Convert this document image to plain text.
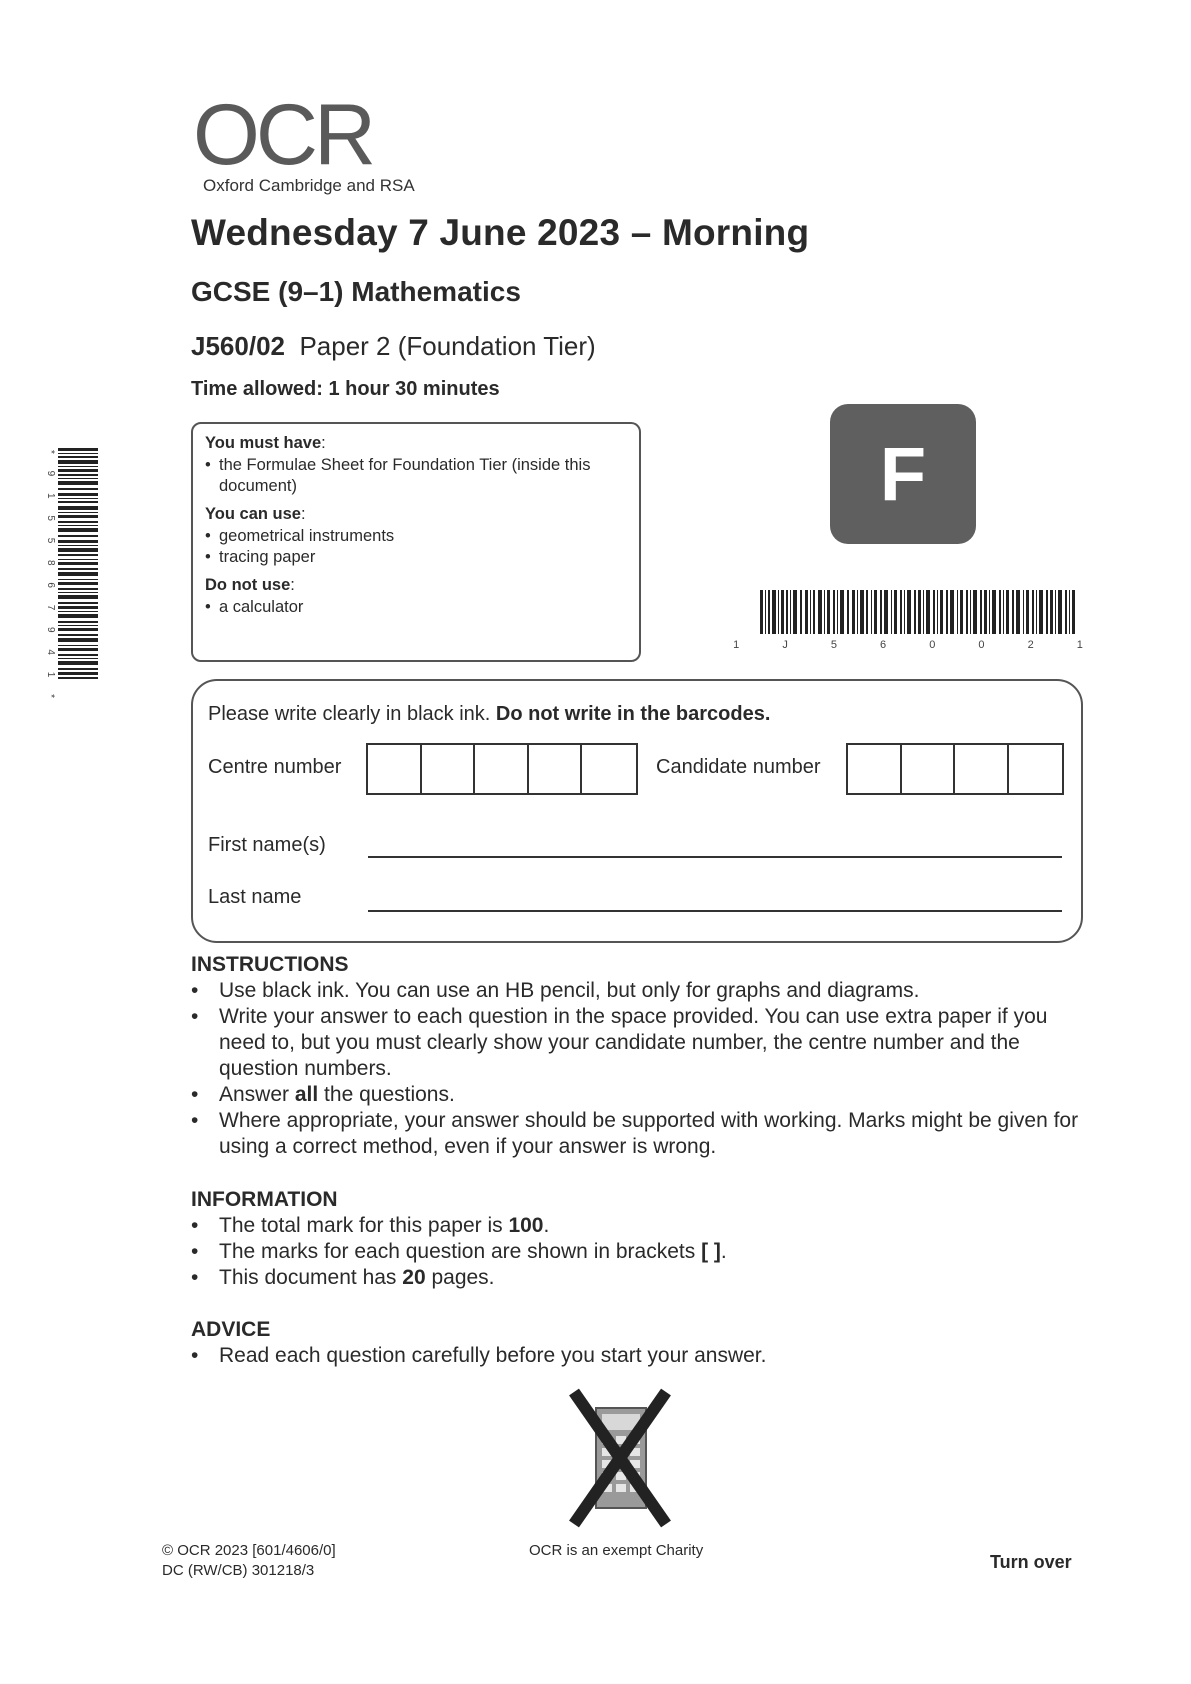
OCR
Oxford Cambridge and RSA
Wednesday 7 June 2023 – Morning
GCSE (9–1) Mathematics
J560/02 Paper 2 (Foundation Tier)
Time allowed: 1 hour 30 minutes
You must have:
• the Formulae Sheet for Foundation Tier (inside this document)
You can use:
• geometrical instruments
• tracing paper
Do not use:
• a calculator
F
1 J 5 6 0 0 2 1
* 9 1 5 5 8 6 7 9 4 1 *
Please write clearly in black ink. Do not write in the barcodes.
Centre number	Candidate number
First name(s)
Last name
INSTRUCTIONS
• Use black ink. You can use an HB pencil, but only for graphs and diagrams.
• Write your answer to each question in the space provided. You can use extra paper if you need to, but you must clearly show your candidate number, the centre number and the question numbers.
• Answer all the questions.
• Where appropriate, your answer should be supported with working. Marks might be given for using a correct method, even if your answer is wrong.
INFORMATION
• The total mark for this paper is 100.
• The marks for each question are shown in brackets [ ].
• This document has 20 pages.
ADVICE
• Read each question carefully before you start your answer.
© OCR 2023 [601/4606/0]
DC (RW/CB) 301218/3
OCR is an exempt Charity
Turn over
